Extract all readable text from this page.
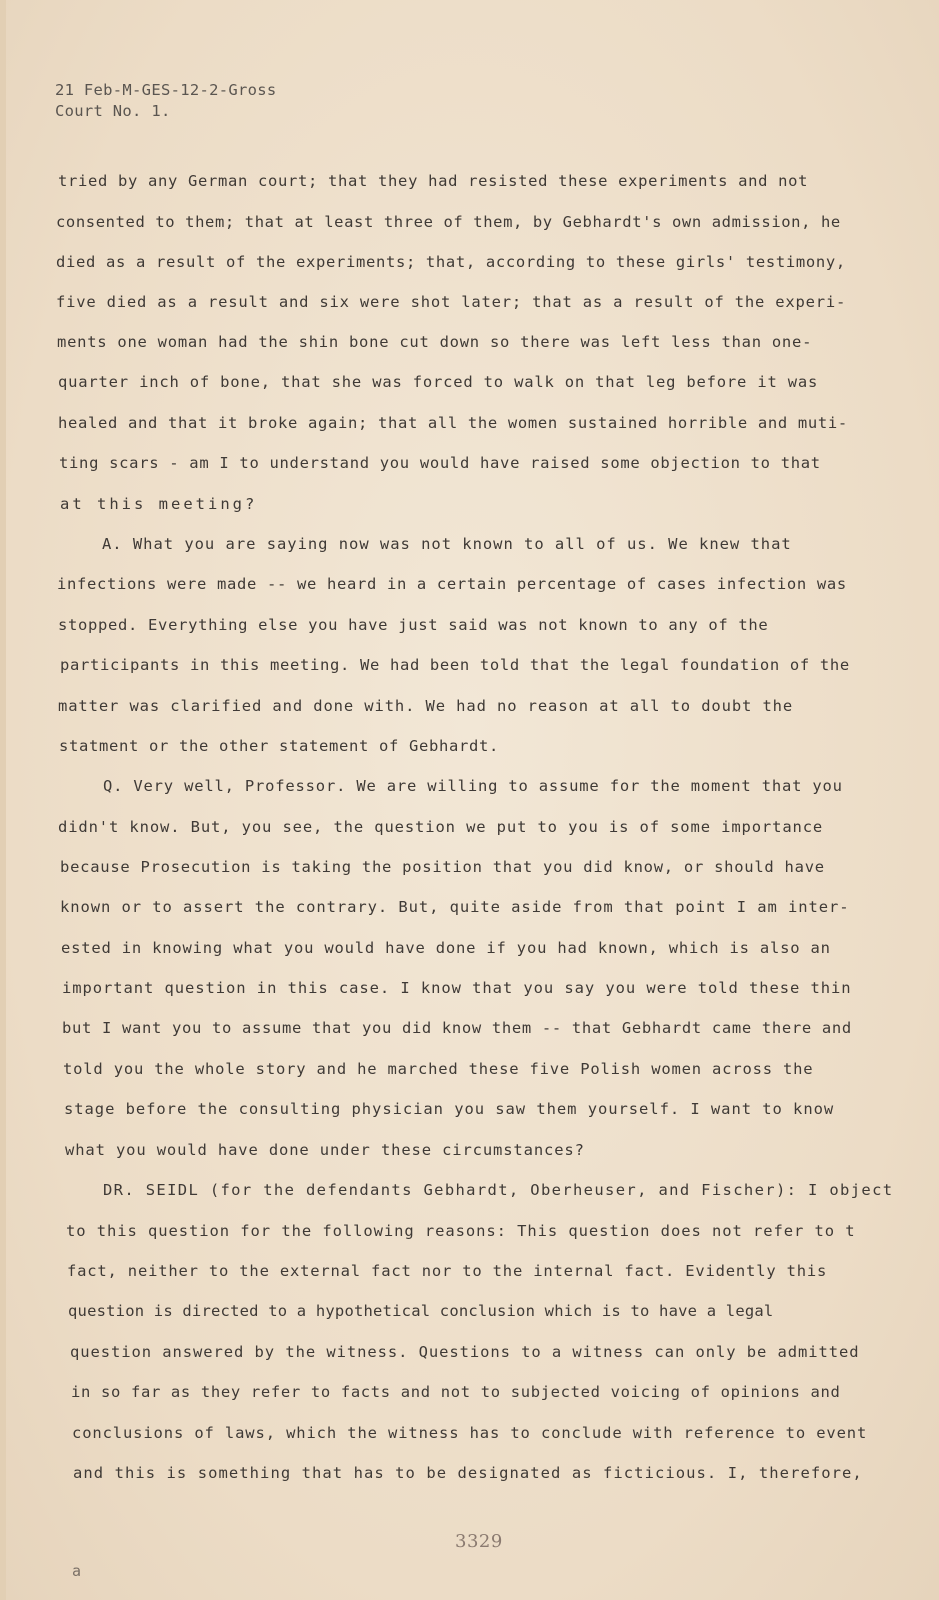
21 Feb-M-GES-12-2-Gross
Court No. 1.
tried by any German court; that they had resisted these experiments and not
consented to them; that at least three of them, by Gebhardt's own admission, he
died as a result of the experiments; that, according to these girls' testimony,
five died as a result and six were shot later; that as a result of the experi-
ments one woman had the shin bone cut down so there was left less than one-
quarter inch of bone, that she was forced to walk on that leg before it was
healed and that it broke again; that all the women sustained horrible and muti-
ting scars - am I to understand you would have raised some objection to that
at this meeting?
A. What you are saying now was not known to all of us. We knew that
infections were made -- we heard in a certain percentage of cases infection was
stopped. Everything else you have just said was not known to any of the
participants in this meeting. We had been told that the legal foundation of the
matter was clarified and done with. We had no reason at all to doubt the
statment or the other statement of Gebhardt.
Q. Very well, Professor. We are willing to assume for the moment that you
didn't know. But, you see, the question we put to you is of some importance
because Prosecution is taking the position that you did know, or should have
known or to assert the contrary. But, quite aside from that point I am inter-
ested in knowing what you would have done if you had known, which is also an
important question in this case. I know that you say you were told these thin
but I want you to assume that you did know them -- that Gebhardt came there and
told you the whole story and he marched these five Polish women across the
stage before the consulting physician you saw them yourself. I want to know
what you would have done under these circumstances?
DR. SEIDL (for the defendants Gebhardt, Oberheuser, and Fischer): I object
to this question for the following reasons: This question does not refer to t
fact, neither to the external fact nor to the internal fact. Evidently this
question is directed to a hypothetical conclusion which is to have a legal
question answered by the witness. Questions to a witness can only be admitted
in so far as they refer to facts and not to subjected voicing of opinions and
conclusions of laws, which the witness has to conclude with reference to event
and this is something that has to be designated as ficticious. I, therefore,
3329
a
